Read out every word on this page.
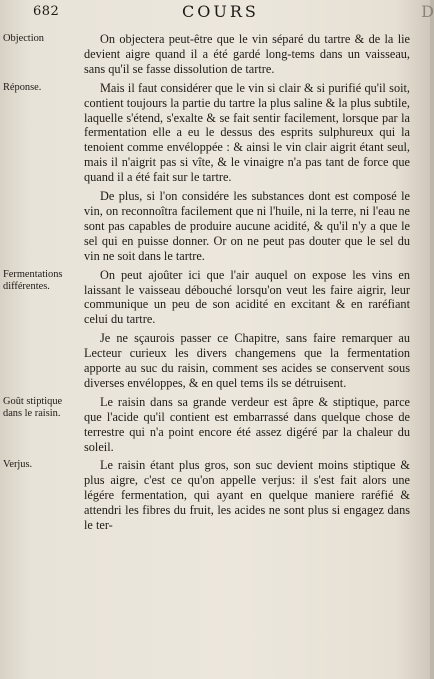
682	COURS	D
Objection	On objectera peut-être que le vin séparé du tartre & de la lie devient aigre quand il a été gardé long-tems dans un vaisseau, sans qu'il se fasse dissolution de tartre.
Réponse.	Mais il faut considérer que le vin si clair & si purifié qu'il soit, contient toujours la partie du tartre la plus saline & la plus subtile, laquelle s'étend, s'exalte & se fait sentir facilement, lorsque par la fermentation elle a eu le dessus des esprits sulphureux qui la tenoient comme envéloppée : & ainsi le vin clair aigrit étant seul, mais il n'aigrit pas si vîte, & le vinaigre n'a pas tant de force que quand il a été fait sur le tartre.
De plus, si l'on considére les substances dont est composé le vin, on reconnoîtra facilement que ni l'huile, ni la terre, ni l'eau ne sont pas capables de produire aucune acidité, & qu'il n'y a que le sel qui en puisse donner. Or on ne peut pas douter que le sel du vin ne soit dans le tartre.
Fermentations différentes.
On peut ajoûter ici que l'air auquel on expose les vins en laissant le vaisseau débouché lorsqu'on veut les faire aigrir, leur communique un peu de son acidité en excitant & en raréfiant celui du tartre.
Je ne sçaurois passer ce Chapitre, sans faire remarquer au Lecteur curieux les divers changemens que la fermentation apporte au suc du raisin, comment ses acides se conservent sous diverses envéloppes, & en quel tems ils se détruisent.
Goût stiptique dans le raisin.
Le raisin dans sa grande verdeur est âpre & stiptique, parce que l'acide qu'il contient est embarrassé dans quelque chose de terrestre qui n'a point encore été assez digéré par la chaleur du soleil.
Verjus.	Le raisin étant plus gros, son suc devient moins stiptique & plus aigre, c'est ce qu'on appelle verjus: il s'est fait alors une légére fermentation, qui ayant en quelque maniere raréfié & attendri les fibres du fruit, les acides ne sont plus si engagez dans le ter-
